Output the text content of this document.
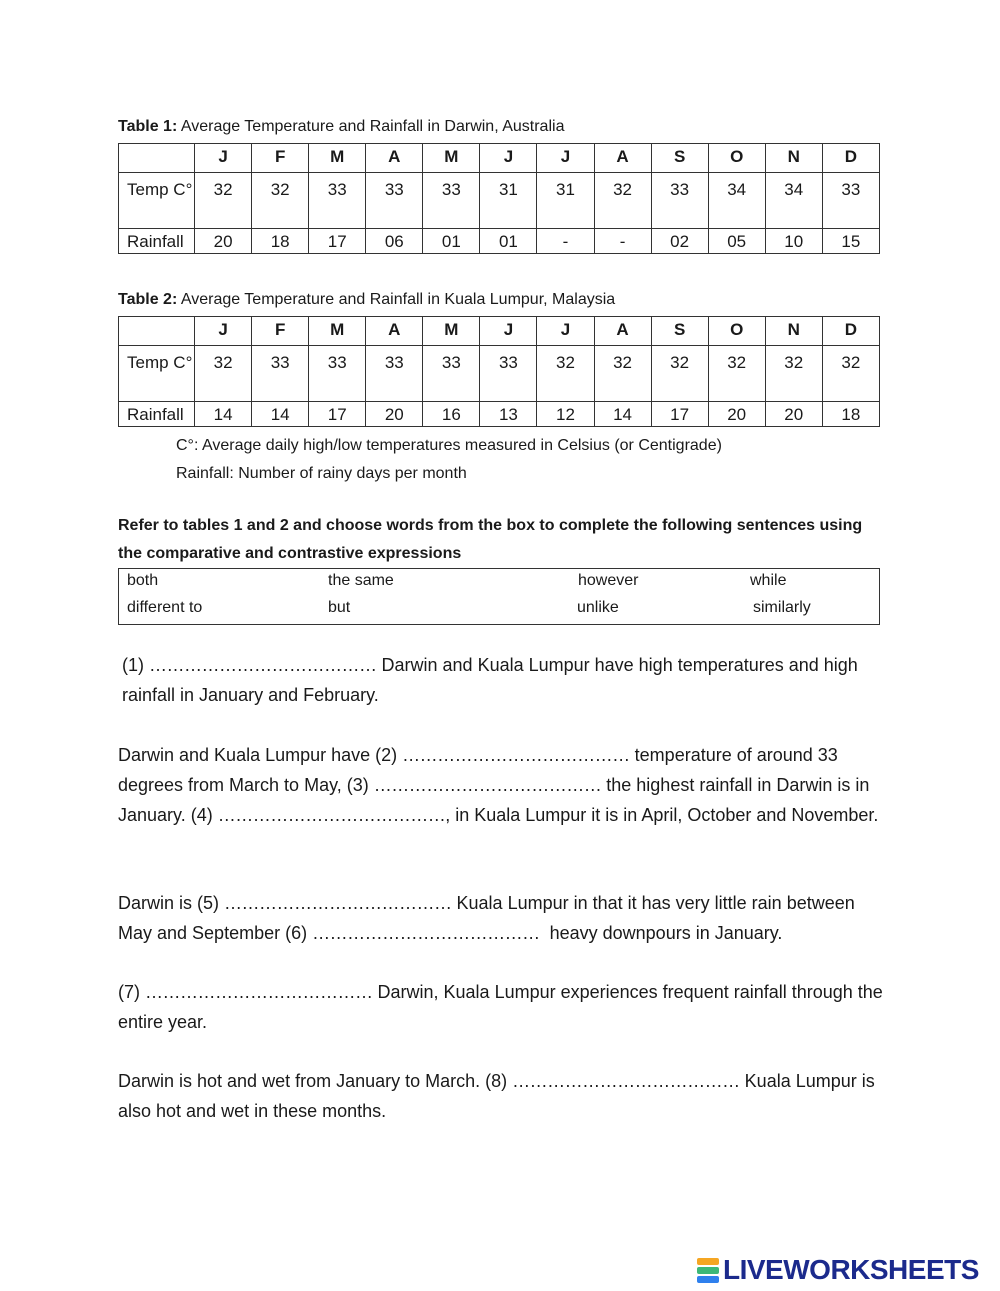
Table 1: Average Temperature and Rainfall in Darwin, Australia
	J	F	M	A	M	J	J	A	S	O	N	D
Temp C°	32	32	33	33	33	31	31	32	33	34	34	33
Rainfall	20	18	17	06	01	01	-	-	02	05	10	15
Table 2: Average Temperature and Rainfall in Kuala Lumpur, Malaysia
	J	F	M	A	M	J	J	A	S	O	N	D
Temp C°	32	33	33	33	33	33	32	32	32	32	32	32
Rainfall	14	14	17	20	16	13	12	14	17	20	20	18
C°: Average daily high/low temperatures measured in Celsius (or Centigrade)
Rainfall: Number of rainy days per month
Refer to tables 1 and 2 and choose words from the box to complete the following sentences using the comparative and contrastive expressions
both	the same	however	while
different to	but	unlike	similarly
(1) ………………………………… Darwin and Kuala Lumpur have high temperatures and high rainfall in January and February.
Darwin and Kuala Lumpur have (2) ………………………………… temperature of around 33 degrees from March to May, (3) ………………………………… the highest rainfall in Darwin is in January. (4) …………………………………, in Kuala Lumpur it is in April, October and November.
Darwin is (5) ………………………………… Kuala Lumpur in that it has very little rain between May and September (6) …………………………………  heavy downpours in January.
(7) ………………………………… Darwin, Kuala Lumpur experiences frequent rainfall through the entire year.
Darwin is hot and wet from January to March. (8) ………………………………… Kuala Lumpur is also hot and wet in these months.
LIVEWORKSHEETS
